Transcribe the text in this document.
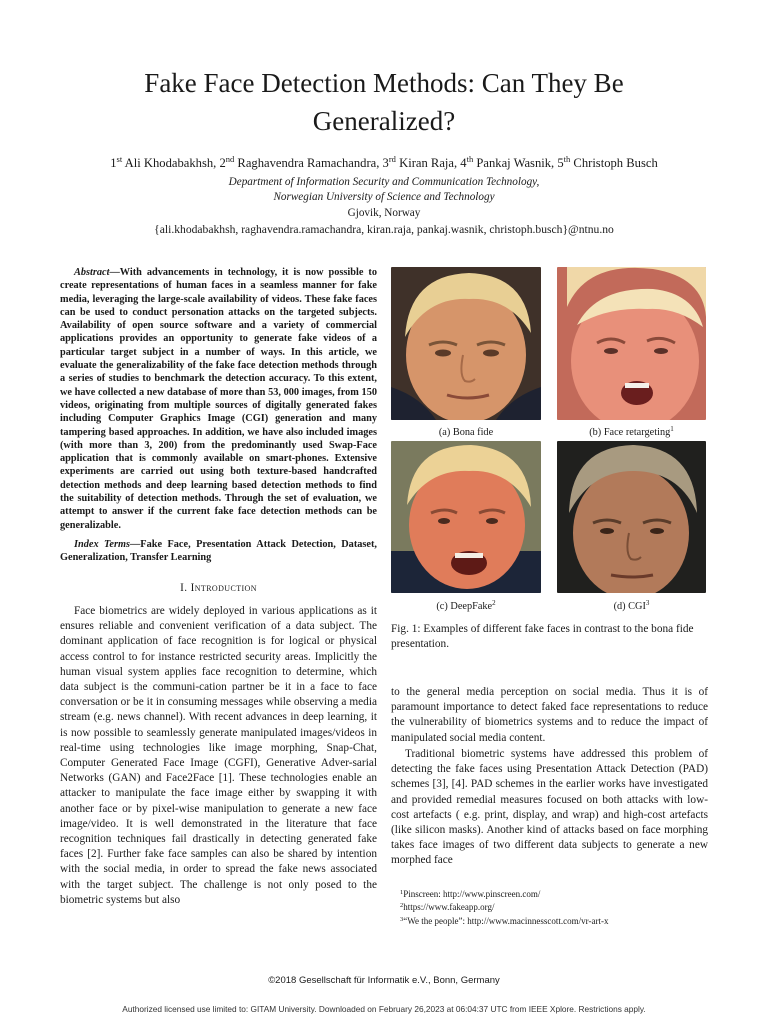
Fake Face Detection Methods: Can They Be
Generalized?
1st Ali Khodabakhsh, 2nd Raghavendra Ramachandra, 3rd Kiran Raja, 4th Pankaj Wasnik, 5th Christoph Busch
Department of Information Security and Communication Technology,
Norwegian University of Science and Technology
Gjovik, Norway
{ali.khodabakhsh, raghavendra.ramachandra, kiran.raja, pankaj.wasnik, christoph.busch}@ntnu.no

Abstract—With advancements in technology, it is now possible to create representations of human faces in a seamless manner for fake media, leveraging the large-scale availability of videos. These fake faces can be used to conduct personation attacks on the targeted subjects. Availability of open source software and a variety of commercial applications provides an opportunity to generate fake videos of a particular target subject in a number of ways. In this article, we evaluate the generalizability of the fake face detection methods through a series of studies to benchmark the detection accuracy. To this extent, we have collected a new database of more than 53, 000 images, from 150 videos, originating from multiple sources of digitally generated fakes including Computer Graphics Image (CGI) generation and many tampering based approaches. In addition, we have also included images (with more than 3, 200) from the predominantly used Swap-Face application that is commonly available on smart-phones. Extensive experiments are carried out using both texture-based handcrafted detection methods and deep learning based detection methods to find the suitability of detection methods. Through the set of evaluation, we attempt to answer if the current fake face detection methods can be generalizable.

Index Terms—Fake Face, Presentation Attack Detection, Dataset, Generalization, Transfer Learning

I. Introduction

Face biometrics are widely deployed in various applications as it ensures reliable and convenient verification of a data subject. The dominant application of face recognition is for logical or physical access control to for instance restricted security areas. Implicitly the human visual system applies face recognition to determine, which data subject is the communi-cation partner be it in a face to face conversation or be it in consuming messages while observing a media stream (e.g. news channel). With recent advances in deep learning, it is now possible to seamlessly generate manipulated images/videos in real-time using technologies like image morphing, Snap-Chat, Computer Generated Face Image (CGFI), Generative Adver-sarial Networks (GAN) and Face2Face [1]. These technologies enable an attacker to manipulate the face image either by swapping it with another face or by pixel-wise manipulation to generate a new face image/video. It is well demonstrated in the literature that face recognition techniques fail drastically in detecting generated fake faces [2]. Further fake face samples can also be shared by intention with the social media, in order to spread the fake news associated with the target subject. The challenge is not only posed to the biometric systems but also

(a) Bona fide	(b) Face retargeting$^1$
(c) DeepFake$^2$	(d) CGI$^3$

Fig. 1: Examples of different fake faces in contrast to the bona fide presentation.

to the general media perception on social media. Thus it is of paramount importance to detect faked face representations to reduce the vulnerability of biometrics systems and to reduce the impact of manipulated social media content.

Traditional biometric systems have addressed this problem of detecting the fake faces using Presentation Attack Detection (PAD) schemes [3], [4]. PAD schemes in the earlier works have investigated and provided remedial measures focused on both attacks with low-cost artefacts ( e.g. print, display, and wrap) and high-cost artefacts (like silicon masks). Another kind of attacks based on face morphing takes face images of two different data subjects to generate a new morphed face

$^1$Pinscreen: http://www.pinscreen.com/
$^2$https://www.fakeapp.org/
$^3$“We the people”: http://www.macinnesscott.com/vr-art-x
©2018 Gesellschaft für Informatik e.V., Bonn, Germany
Authorized licensed use limited to: GITAM University. Downloaded on February 26,2023 at 06:04:37 UTC from IEEE Xplore. Restrictions apply.
